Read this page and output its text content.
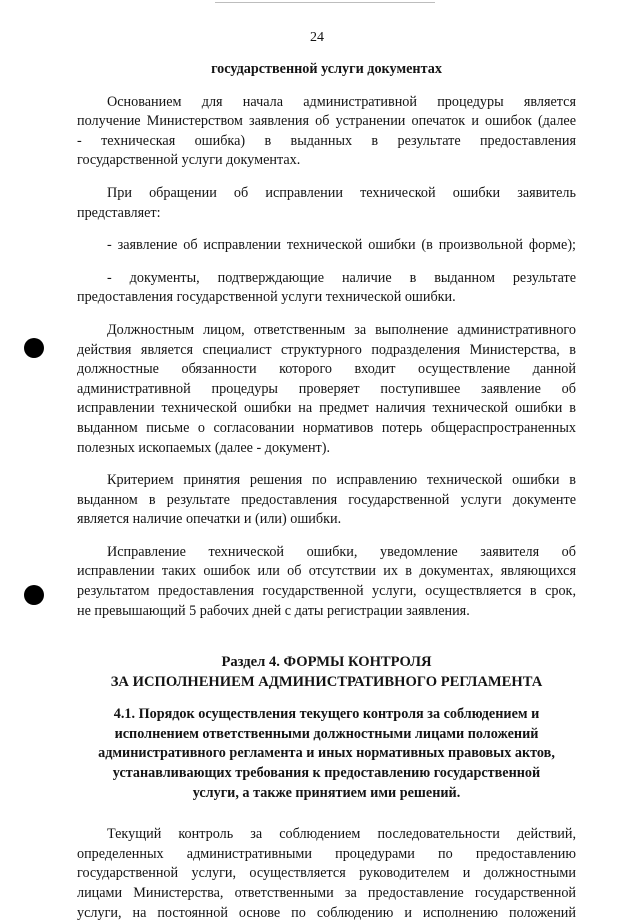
24

государственной услуги документах

Основанием для начала административной процедуры является

получение Министерством заявления об устранении опечаток и ошибок (далее

- техническая ошибка) в выданных в результате предоставления

государственной услуги документах.

При обращении об исправлении технической ошибки заявитель

представляет:

- заявление об исправлении технической ошибки (в произвольной форме);

- документы, подтверждающие наличие в выданном результате

предоставления государственной услуги технической ошибки.

Должностным лицом, ответственным за выполнение административного

действия является специалист структурного подразделения Министерства, в

должностные обязанности которого входит осуществление данной

административной процедуры проверяет поступившее заявление об

исправлении технической ошибки на предмет наличия технической ошибки в

выданном письме о согласовании нормативов потерь общераспространенных

полезных ископаемых (далее - документ).

Критерием принятия решения по исправлению технической ошибки в

выданном в результате предоставления государственной услуги документе

является наличие опечатки и (или) ошибки.

Исправление технической ошибки, уведомление заявителя об

исправлении таких ошибок или об отсутствии их в документах, являющихся

результатом предоставления государственной услуги, осуществляется в срок,

не превышающий 5 рабочих дней с даты регистрации заявления.

Раздел 4. ФОРМЫ КОНТРОЛЯ

ЗА ИСПОЛНЕНИЕМ АДМИНИСТРАТИВНОГО РЕГЛАМЕНТА

4.1. Порядок осуществления текущего контроля за соблюдением и

исполнением ответственными должностными лицами положений

административного регламента и иных нормативных правовых актов,

устанавливающих требования к предоставлению государственной

услуги, а также принятием ими решений.

Текущий контроль за соблюдением последовательности действий,

определенных административными процедурами по предоставлению

государственной услуги, осуществляется руководителем и должностными

лицами Министерства, ответственными за предоставление государственной

услуги, на постоянной основе по соблюдению и исполнению положений
